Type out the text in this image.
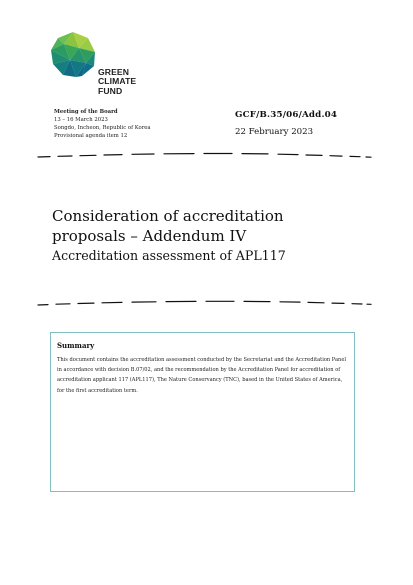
GREEN
CLIMATE
FUND
Meeting of the Board
13 – 16 March 2023
Songdo, Incheon, Republic of Korea
Provisional agenda item 12
GCF/B.35/06/Add.04
22 February 2023
Consideration of accreditation
proposals – Addendum IV
Accreditation assessment of APL117

Summary

This document contains the accreditation assessment conducted by the Secretariat and the Accreditation Panel in accordance with decision B.07/02, and the recommendation by the Accreditation Panel for accreditation of accreditation applicant 117 (APL117), The Nature Conservancy (TNC), based in the United States of America, for the first accreditation term.
